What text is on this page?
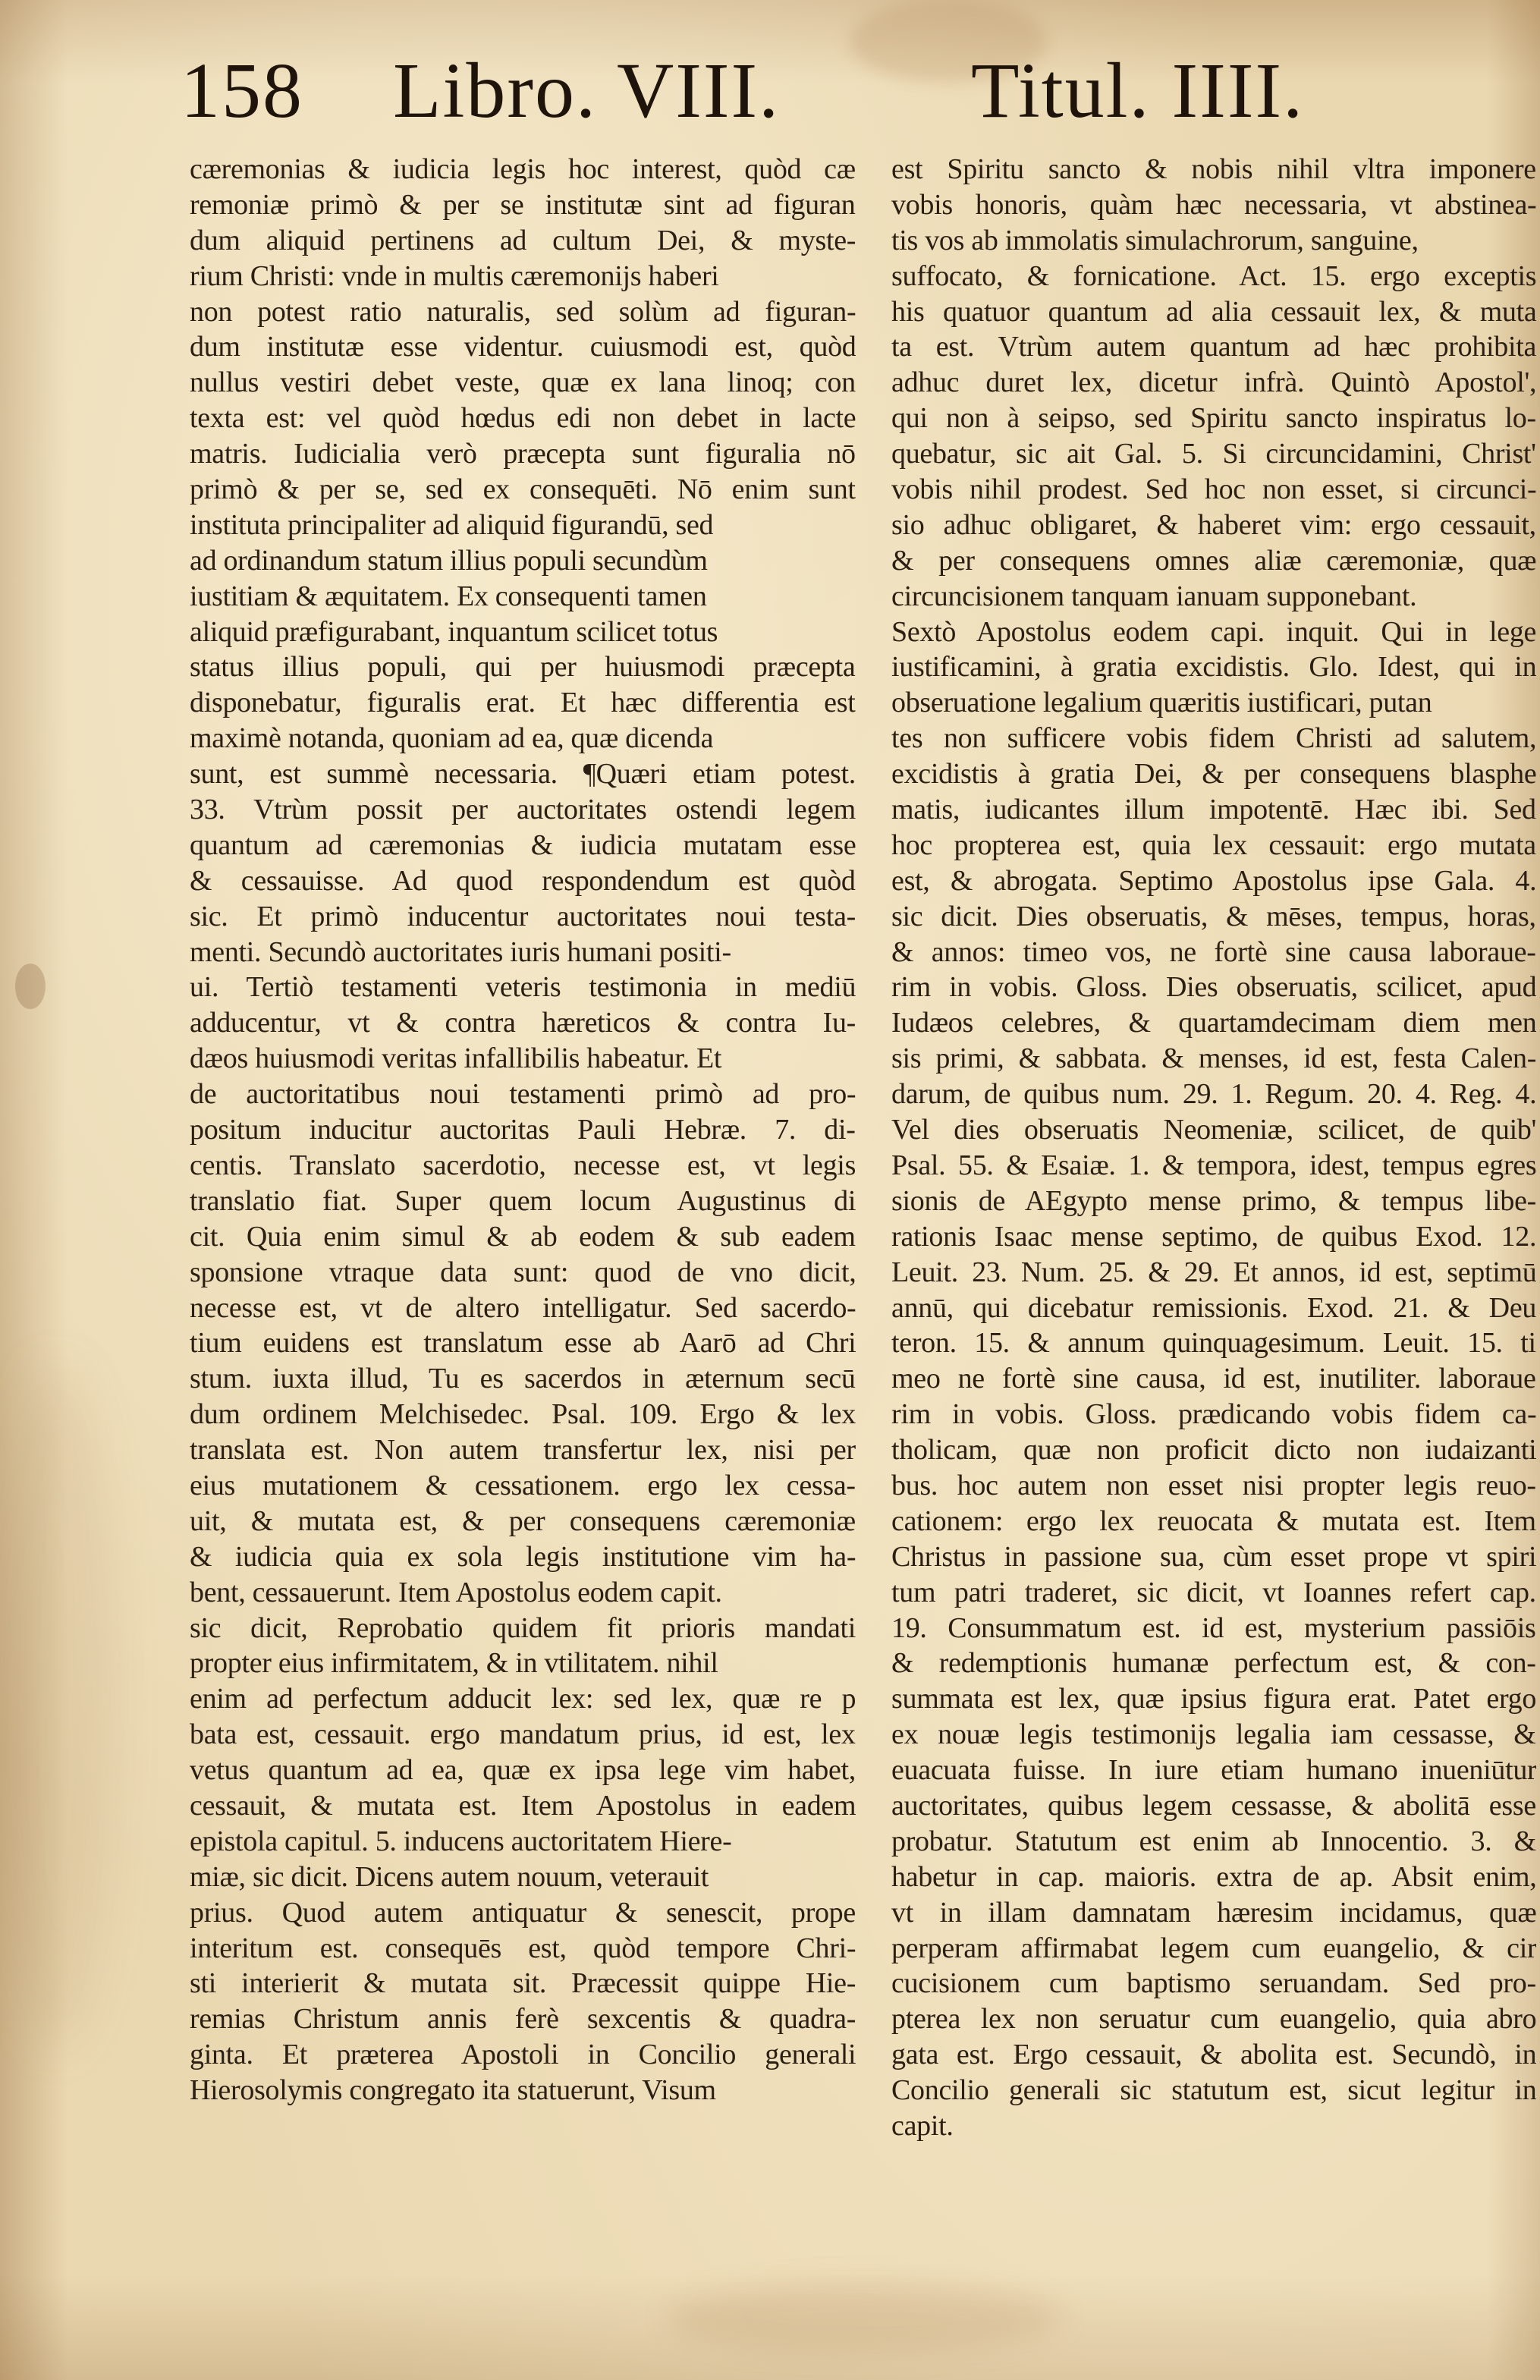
158 Libro. VIII. Titul. IIII.
cæremonias & iudicia legis hoc interest, quòd cæ
remoniæ primò & per se institutæ sint ad figuran
dum aliquid pertinens ad cultum Dei, & myste-
rium Christi: vnde in multis cæremonijs haberi
non potest ratio naturalis, sed solùm ad figuran-
dum institutæ esse videntur. cuiusmodi est, quòd
nullus vestiri debet veste, quæ ex lana linoq; con
texta est: vel quòd hœdus edi non debet in lacte
matris. Iudicialia verò præcepta sunt figuralia nō
primò & per se, sed ex consequēti. Nō enim sunt
instituta principaliter ad aliquid figurandū, sed
ad ordinandum statum illius populi secundùm
iustitiam & æquitatem. Ex consequenti tamen
aliquid præfigurabant, inquantum scilicet totus
status illius populi, qui per huiusmodi præcepta
disponebatur, figuralis erat. Et hæc differentia est
maximè notanda, quoniam ad ea, quæ dicenda
sunt, est summè necessaria. ¶Quæri etiam potest.
33. Vtrùm possit per auctoritates ostendi legem
quantum ad cæremonias & iudicia mutatam esse
& cessauisse. Ad quod respondendum est quòd
sic. Et primò inducentur auctoritates noui testa-
menti. Secundò auctoritates iuris humani positi-
ui. Tertiò testamenti veteris testimonia in mediū
adducentur, vt & contra hæreticos & contra Iu-
dæos huiusmodi veritas infallibilis habeatur. Et
de auctoritatibus noui testamenti primò ad pro-
positum inducitur auctoritas Pauli Hebræ. 7. di-
centis. Translato sacerdotio, necesse est, vt legis
translatio fiat. Super quem locum Augustinus di
cit. Quia enim simul & ab eodem & sub eadem
sponsione vtraque data sunt: quod de vno dicit,
necesse est, vt de altero intelligatur. Sed sacerdo-
tium euidens est translatum esse ab Aarō ad Chri
stum. iuxta illud, Tu es sacerdos in æternum secū
dum ordinem Melchisedec. Psal. 109. Ergo & lex
translata est. Non autem transfertur lex, nisi per
eius mutationem & cessationem. ergo lex cessa-
uit, & mutata est, & per consequens cæremoniæ
& iudicia quia ex sola legis institutione vim ha-
bent, cessauerunt. Item Apostolus eodem capit.
sic dicit, Reprobatio quidem fit prioris mandati
propter eius infirmitatem, & in vtilitatem. nihil
enim ad perfectum adducit lex: sed lex, quæ re p
bata est, cessauit. ergo mandatum prius, id est, lex
vetus quantum ad ea, quæ ex ipsa lege vim habet,
cessauit, & mutata est. Item Apostolus in eadem
epistola capitul. 5. inducens auctoritatem Hiere-
miæ, sic dicit. Dicens autem nouum, veterauit
prius. Quod autem antiquatur & senescit, prope
interitum est. consequēs est, quòd tempore Chri-
sti interierit & mutata sit. Præcessit quippe Hie-
remias Christum annis ferè sexcentis & quadra-
ginta. Et præterea Apostoli in Concilio generali
Hierosolymis congregato ita statuerunt, Visum
est Spiritu sancto & nobis nihil vltra imponere
vobis honoris, quàm hæc necessaria, vt abstinea-
tis vos ab immolatis simulachrorum, sanguine,
suffocato, & fornicatione. Act. 15. ergo exceptis
his quatuor quantum ad alia cessauit lex, & muta
ta est. Vtrùm autem quantum ad hæc prohibita
adhuc duret lex, dicetur infrà. Quintò Apostol',
qui non à seipso, sed Spiritu sancto inspiratus lo-
quebatur, sic ait Gal. 5. Si circuncidamini, Christ'
vobis nihil prodest. Sed hoc non esset, si circunci-
sio adhuc obligaret, & haberet vim: ergo cessauit,
& per consequens omnes aliæ cæremoniæ, quæ
circuncisionem tanquam ianuam supponebant.
Sextò Apostolus eodem capi. inquit. Qui in lege
iustificamini, à gratia excidistis. Glo. Idest, qui in
obseruatione legalium quæritis iustificari, putan
tes non sufficere vobis fidem Christi ad salutem,
excidistis à gratia Dei, & per consequens blasphe
matis, iudicantes illum impotentē. Hæc ibi. Sed
hoc propterea est, quia lex cessauit: ergo mutata
est, & abrogata. Septimo Apostolus ipse Gala. 4.
sic dicit. Dies obseruatis, & mēses, tempus, horas,
& annos: timeo vos, ne fortè sine causa laboraue-
rim in vobis. Gloss. Dies obseruatis, scilicet, apud
Iudæos celebres, & quartamdecimam diem men
sis primi, & sabbata. & menses, id est, festa Calen-
darum, de quibus num. 29. 1. Regum. 20. 4. Reg. 4.
Vel dies obseruatis Neomeniæ, scilicet, de quib'
Psal. 55. & Esaiæ. 1. & tempora, idest, tempus egres
sionis de AEgypto mense primo, & tempus libe-
rationis Isaac mense septimo, de quibus Exod. 12.
Leuit. 23. Num. 25. & 29. Et annos, id est, septimū
annū, qui dicebatur remissionis. Exod. 21. & Deu
teron. 15. & annum quinquagesimum. Leuit. 15. ti
meo ne fortè sine causa, id est, inutiliter. laboraue
rim in vobis. Gloss. prædicando vobis fidem ca-
tholicam, quæ non proficit dicto non iudaizanti
bus. hoc autem non esset nisi propter legis reuo-
cationem: ergo lex reuocata & mutata est. Item
Christus in passione sua, cùm esset prope vt spiri
tum patri traderet, sic dicit, vt Ioannes refert cap.
19. Consummatum est. id est, mysterium passiōis
& redemptionis humanæ perfectum est, & con-
summata est lex, quæ ipsius figura erat. Patet ergo
ex nouæ legis testimonijs legalia iam cessasse, &
euacuata fuisse. In iure etiam humano inueniūtur
auctoritates, quibus legem cessasse, & abolitā esse
probatur. Statutum est enim ab Innocentio. 3. &
habetur in cap. maioris. extra de ap. Absit enim,
vt in illam damnatam hæresim incidamus, quæ
perperam affirmabat legem cum euangelio, & cir
cucisionem cum baptismo seruandam. Sed pro-
pterea lex non seruatur cum euangelio, quia abro
gata est. Ergo cessauit, & abolita est. Secundò, in
Concilio generali sic statutum est, sicut legitur in
capit.
